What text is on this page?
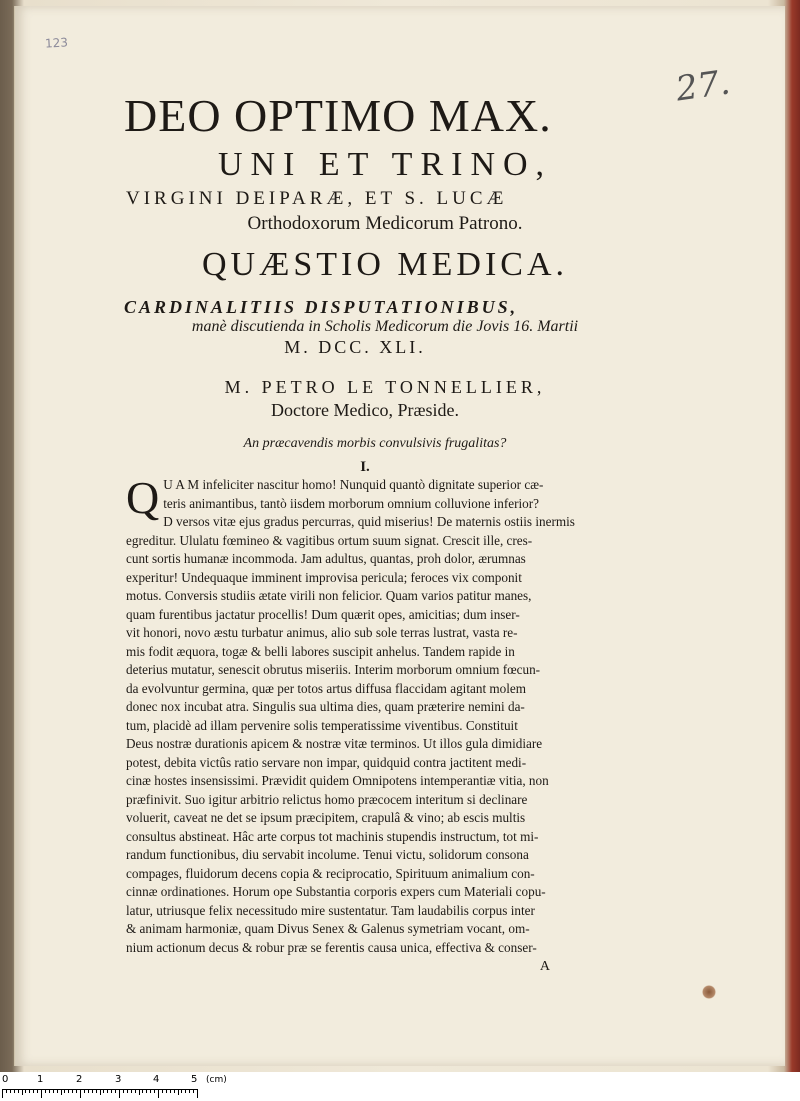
123
27.
DEO OPTIMO MAX.
UNI ET TRINO,
VIRGINI DEIPARÆ, ET S. LUCÆ
Orthodoxorum Medicorum Patrono.
QUÆSTIO MEDICA.
CARDINALITIIS DISPUTATIONIBUS,
manè discutienda in Scholis Medicorum die Jovis 16. Martii
M. DCC. XLI.
M. PETRO LE TONNELLIER,
Doctore Medico, Præside.
An præcavendis morbis convulsivis frugalitas?
I.
Q U A M infeliciter nascitur homo! Nunquid quantò dignitate superior cæ-
teris animantibus, tantò iisdem morborum omnium colluvione inferior?
D versos vitæ ejus gradus percurras, quid miserius! De maternis ostiis inermis
egreditur. Ululatu fœmineo & vagitibus ortum suum signat. Crescit ille, cres-
cunt sortis humanæ incommoda. Jam adultus, quantas, proh dolor, ærumnas
experitur! Undequaque imminent improvisa pericula; feroces vix componit
motus. Conversis studiis ætate virili non felicior. Quam varios patitur manes,
quam furentibus jactatur procellis! Dum quærit opes, amicitias; dum inser-
vit honori, novo æstu turbatur animus, alio sub sole terras lustrat, vasta re-
mis fodit æquora, togæ & belli labores suscipit anhelus. Tandem rapide in
deterius mutatur, senescit obrutus miseriis. Interim morborum omnium fœcun-
da evolvuntur germina, quæ per totos artus diffusa flaccidam agitant molem
donec nox incubat atra. Singulis sua ultima dies, quam præterire nemini da-
tum, placidè ad illam pervenire solis temperatissime viventibus. Constituit
Deus nostræ durationis apicem & nostræ vitæ terminos. Ut illos gula dimidiare
potest, debita victûs ratio servare non impar, quidquid contra jactitent medi-
cinæ hostes insensissimi. Prævidit quidem Omnipotens intemperantiæ vitia, non
præfinivit. Suo igitur arbitrio relictus homo præcocem interitum si declinare
voluerit, caveat ne det se ipsum præcipitem, crapulâ & vino; ab escis multis
consultus abstineat. Hâc arte corpus tot machinis stupendis instructum, tot mi-
randum functionibus, diu servabit incolume. Tenui victu, solidorum consona
compages, fluidorum decens copia & reciprocatio, Spirituum animalium con-
cinnæ ordinationes. Horum ope Substantia corporis expers cum Materiali copu-
latur, utriusque felix necessitudo mire sustentatur. Tam laudabilis corpus inter
& animam harmoniæ, quam Divus Senex & Galenus symetriam vocant, om-
nium actionum decus & robur præ se ferentis causa unica, effectiva & conser-
A
0	1	2	3	4	5 (cm)
